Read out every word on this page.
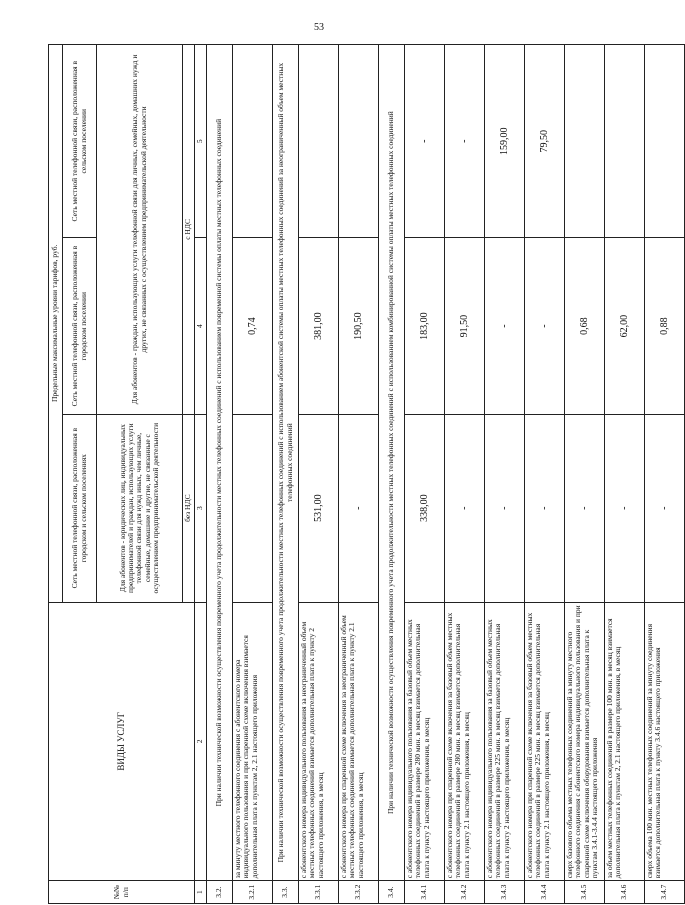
53
№№ п/п	ВИДЫ УСЛУГ	Предельные максимальные уровни тарифов, руб.		
		Сеть местной телефонной связи, расположенная в городском и сельском поселениях	Сеть местной телефонной связи, расположенная в городском поселении	Сеть местной телефонной связи, расположенная в сельском поселении
		Для абонентов - юридических лиц, индивидуальных предпринимателей и граждан, использующих услуги телефонной связи для нужд иных, чем личные, семейные, домашние и другие, не связанные с осуществлением предпринимательской деятельности	Для абонентов - граждан, использующих услуги телефонной связи для личных, семейных, домашних нужд и других, не связанных с осуществлением предпринимательской деятельности	
		без НДС	с НДС	
1	2	3	4	5
3.2.	При наличии технической возможности осуществления повременного учета продолжительности местных телефонных соединений с использованием повременной системы оплаты местных телефонных соединений			
3.2.1	за минуту местного телефонного соединения с абонентского номера индивидуального пользования и при спаренной схеме включения взимается дополнительная плата к пунктам 2, 2.1 настоящего приложения		0,74	
3.3.	При наличии технической возможности осуществления повременного учета продолжительности местных телефонных соединений с использованием абонентской системы оплаты местных телефонных соединений за неограниченный объем местных телефонных соединений			
3.3.1	с абонентского номера индивидуального пользования за неограниченный объем местных телефонных соединений взимается дополнительная плата к пункту 2 настоящего приложения, в месяц	531,00	381,00	
3.3.2	с абонентского номера при спаренной схеме включения за неограниченный объем местных телефонных соединений взимается дополнительная плата к пункту 2.1 настоящего приложения, в месяц	-	190,50	
3.4.	При наличии технической возможности осуществления повременного учета продолжительности местных телефонных соединений с использованием комбинированной системы оплаты местных телефонных соединений			
3.4.1	с абонентского номера индивидуального пользования за базовый объем местных телефонных соединений в размере 280 мин. в месяц взимается дополнительная плата к пункту 2 настоящего приложения, в месяц	338,00	183,00	-
3.4.2	с абонентского номера при спаренной схеме включения за базовый объем местных телефонных соединений в размере 280 мин. в месяц взимается дополнительная плата к пункту 2.1 настоящего приложения, в месяц	-	91,50	-
3.4.3	с абонентского номера индивидуального пользования за базовый объем местных телефонных соединений в размере 225 мин. в месяц взимается дополнительная плата к пункту 2 настоящего приложения, в месяц	-	-	159,00
3.4.4	с абонентского номера при спаренной схеме включения за базовый объем местных телефонных соединений в размере 225 мин. в месяц взимается дополнительная плата к пункту 2.1 настоящего приложения, в месяц	-	-	79,50
3.4.5	сверх базового объема местных телефонных соединений за минуту местного телефонного соединения с абонентского номера индивидуального пользования и при спаренной схеме включения оборудования взимается дополнительная плата к пунктам 3.4.1-3.4.4 настоящего приложения	-	0,68	
3.4.6	за объем местных телефонных соединений в размере 100 мин. в месяц взимается дополнительная плата к пунктам 2, 2.1 настоящего приложения, в месяц	-	62,00	
3.4.7	сверх объема 100 мин. местных телефонных соединений за минуту соединения взимается дополнительная плата к пункту 3.4.6 настоящего приложения	-	0,88	
